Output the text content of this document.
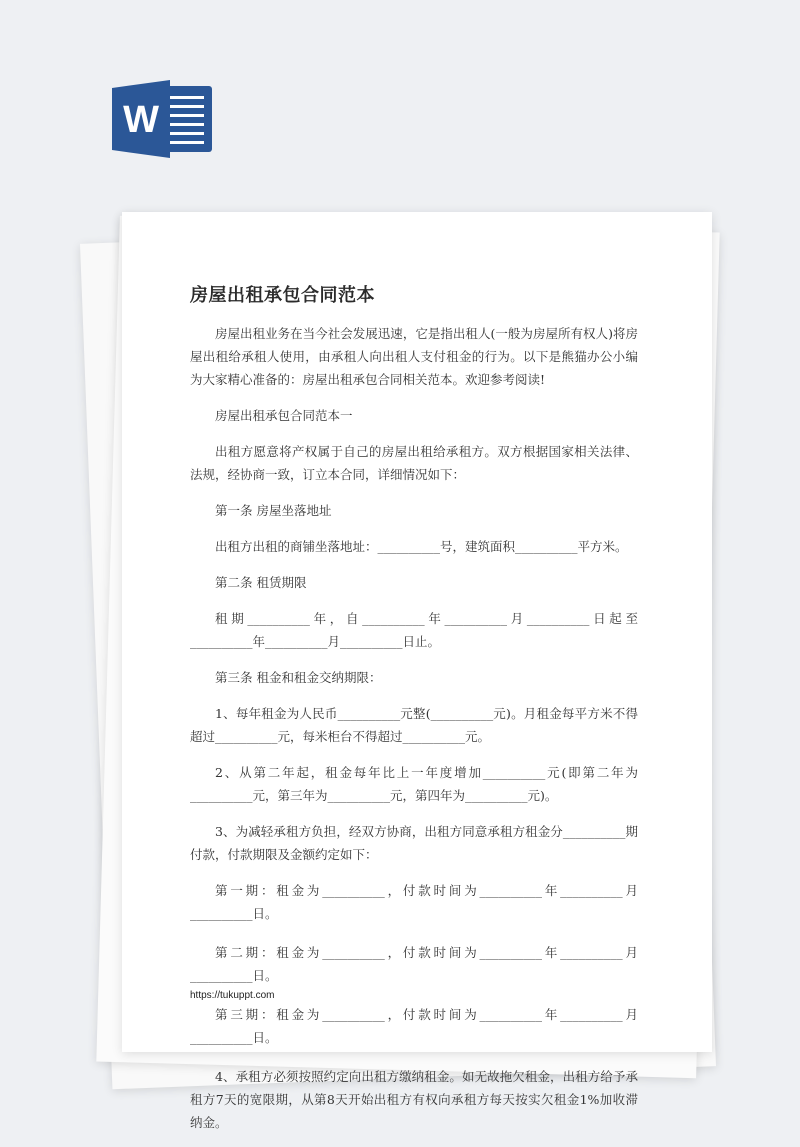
W
房屋出租承包合同范本

房屋出租业务在当今社会发展迅速，它是指出租人(一般为房屋所有权人)将房屋出租给承租人使用，由承租人向出租人支付租金的行为。以下是熊猫办公小编为大家精心准备的：房屋出租承包合同相关范本。欢迎参考阅读!

房屋出租承包合同范本一

出租方愿意将产权属于自己的房屋出租给承租方。双方根据国家相关法律、法规，经协商一致，订立本合同，详细情况如下：

第一条 房屋坐落地址

出租方出租的商铺坐落地址：__________号，建筑面积__________平方米。

第二条 租赁期限

租期__________年，自__________年__________月__________日起至__________年__________月__________日止。

第三条 租金和租金交纳期限：

1、每年租金为人民币__________元整(__________元)。月租金每平方米不得超过__________元，每米柜台不得超过__________元。

2、从第二年起，租金每年比上一年度增加__________元(即第二年为__________元，第三年为__________元，第四年为__________元)。

3、为减轻承租方负担，经双方协商，出租方同意承租方租金分__________期付款，付款期限及金额约定如下：

第一期：租金为__________，付款时间为__________年__________月__________日。

第二期：租金为__________，付款时间为__________年__________月__________日。

第三期：租金为__________，付款时间为__________年__________月__________日。

4、承租方必须按照约定向出租方缴纳租金。如无故拖欠租金，出租方给予承租方7天的宽限期，从第8天开始出租方有权向承租方每天按实欠租金1%加收滞纳金。

https://tukuppt.com
